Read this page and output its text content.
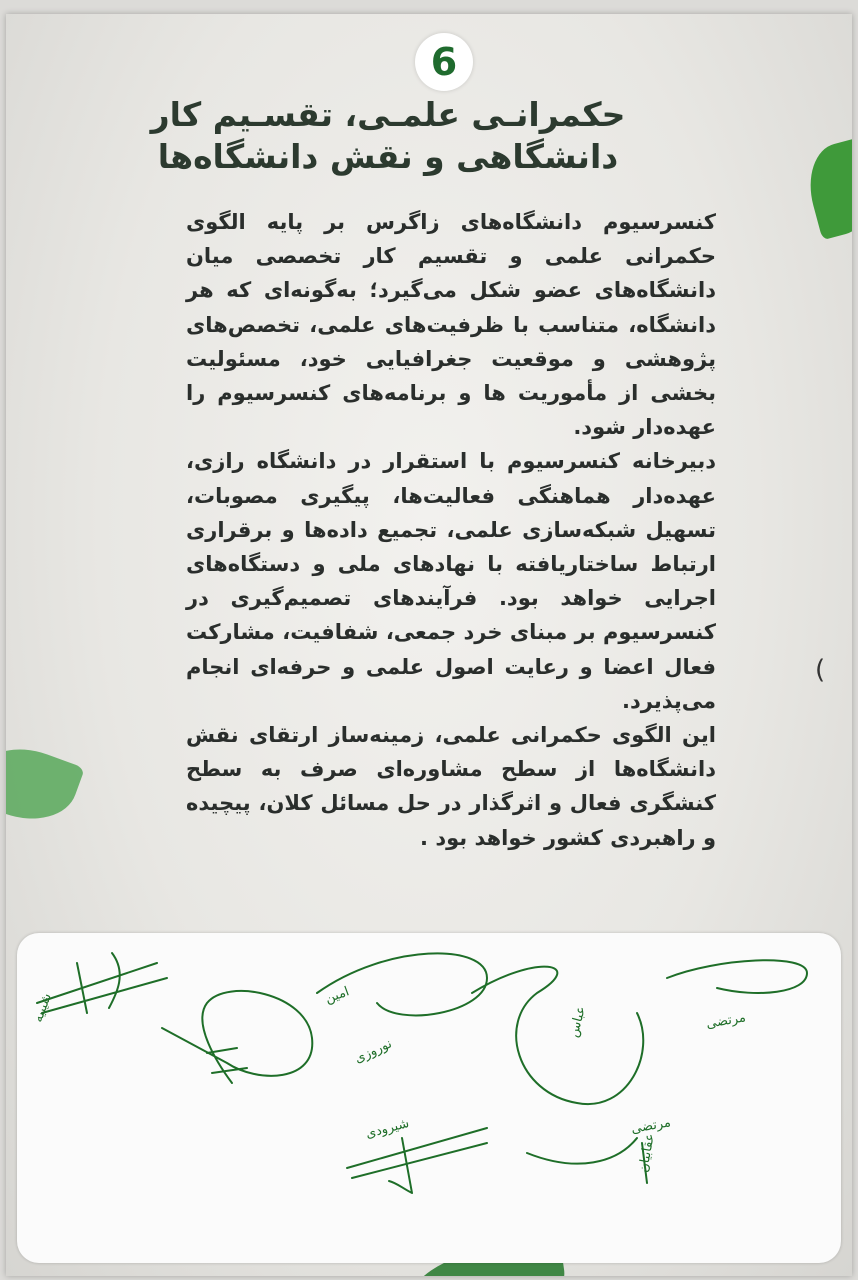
6
حکمرانـی علمـی، تقسـیم کار
دانشگاهی و نقش دانشگاه‌ها

کنسرسیوم دانشگاه‌های زاگرس بر پایه الگوی حکمرانی علمی و تقسیم کار تخصصی میان دانشگاه‌های عضو شکل می‌گیرد؛ به‌گونه‌ای که هر دانشگاه، متناسب با ظرفیت‌های علمی، تخصص‌های پژوهشی و موقعیت جغرافیایی خود، مسئولیت بخشی از مأموریت ها و برنامه‌های کنسرسیوم را عهده‌دار شود.

دبیرخانه کنسرسیوم با استقرار در دانشگاه رازی، عهده‌دار هماهنگی فعالیت‌ها، پیگیری مصوبات، تسهیل شبکه‌سازی علمی، تجمیع داده‌ها و برقراری ارتباط ساختاریافته با نهادهای ملی و دستگاه‌های اجرایی خواهد بود. فرآیندهای تصمیم‌گیری در کنسرسیوم بر مبنای خرد جمعی، شفافیت، مشارکت فعال اعضا و رعایت اصول علمی و حرفه‌ای انجام می‌پذیرد.

این الگوی حکمرانی علمی، زمینه‌ساز ارتقای نقش دانشگاه‌ها از سطح مشاوره‌ای صرف به سطح کنشگری فعال و اثرگذار در حل مسائل کلان، پیچیده و راهبردی کشور خواهد بود .

(
شیبیه
نوروزی
امین
عباس	مرتضی
شیرودی	مرتضی
عقابیان
